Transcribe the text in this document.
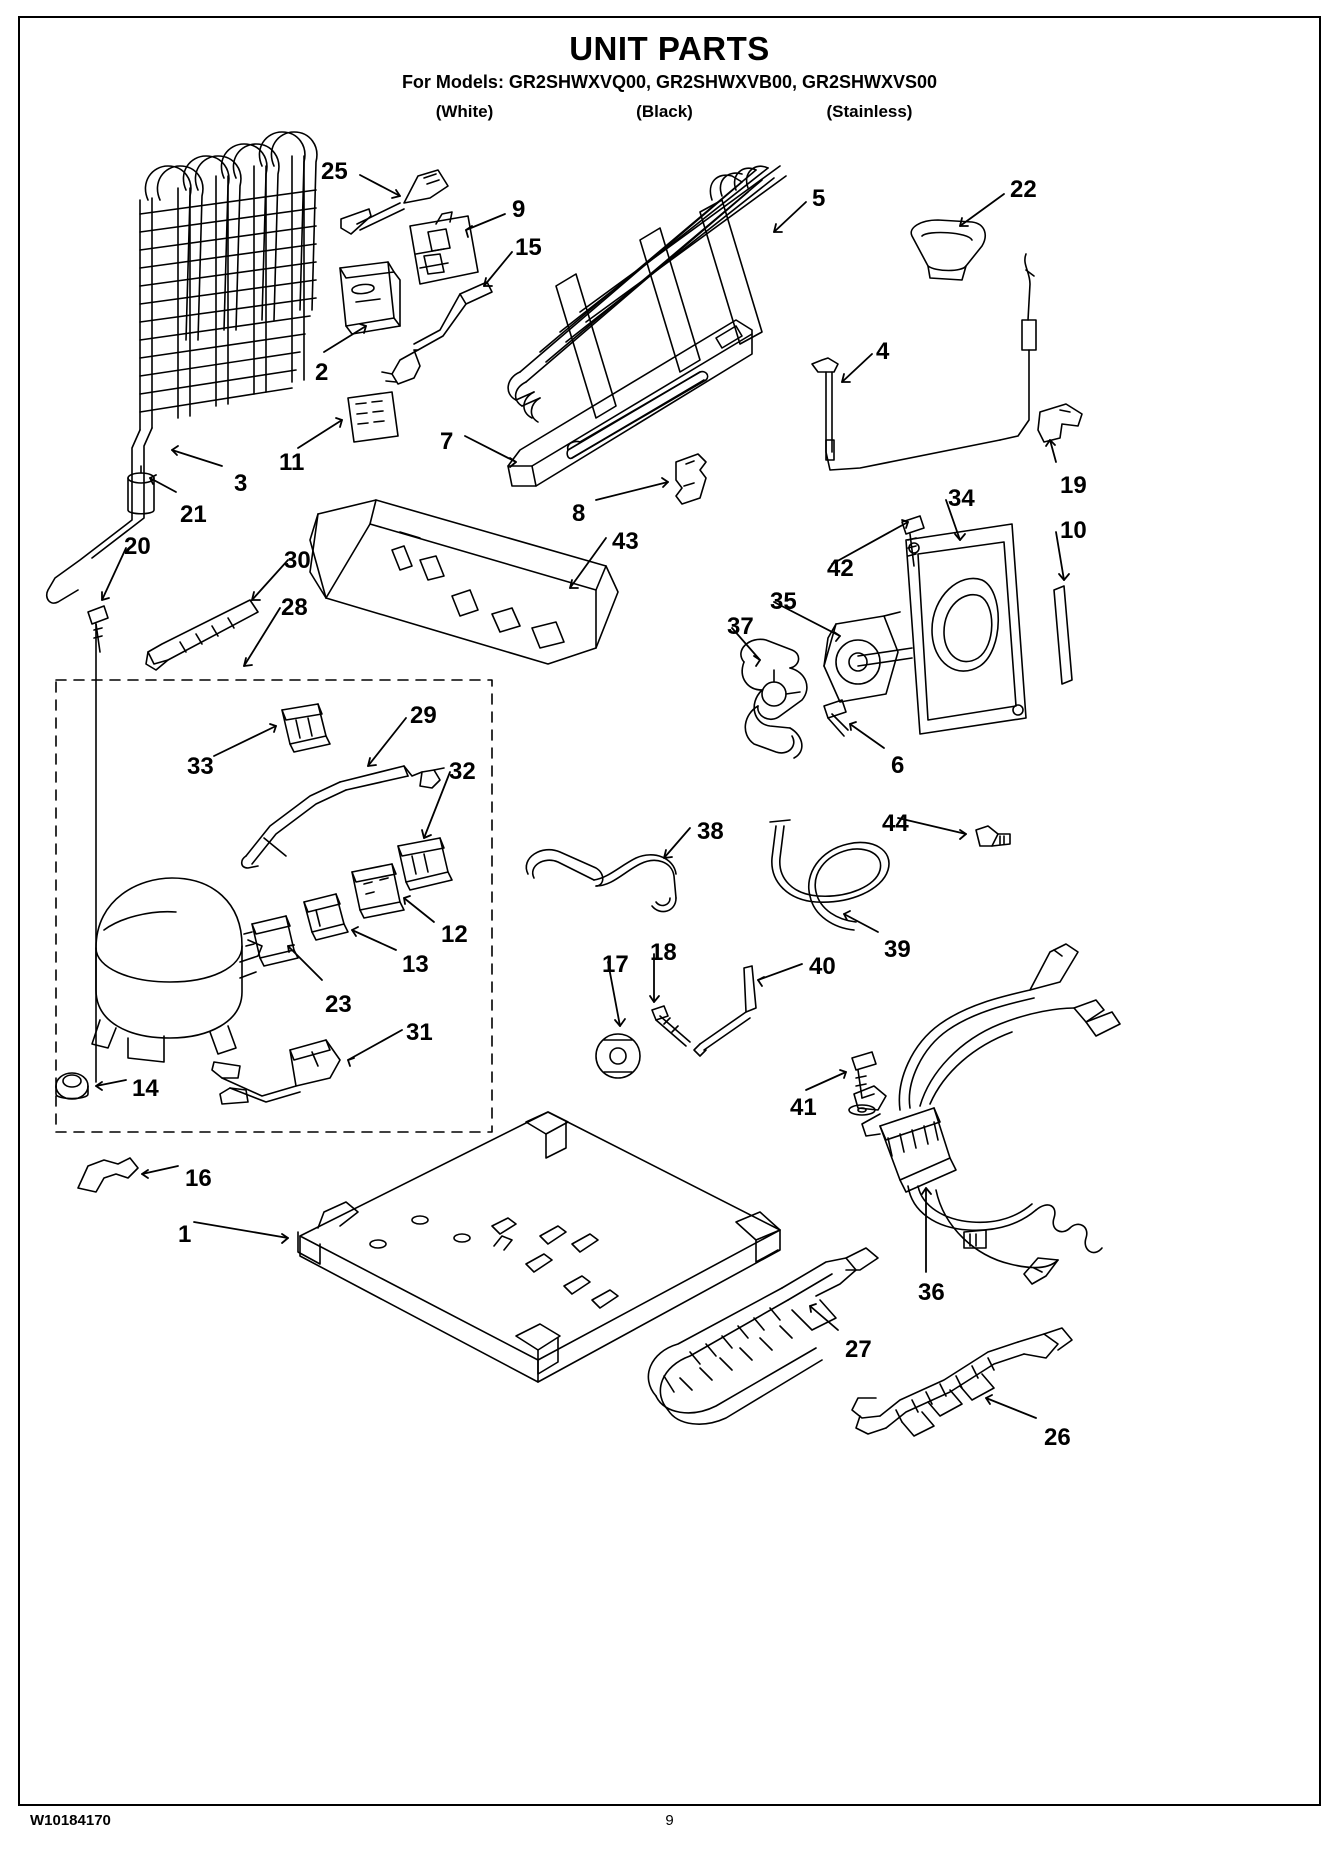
UNIT PARTS
For Models: GR2SHWXVQ00, GR2SHWXVB00, GR2SHWXVS00
(White)	(Black)	(Stainless)
25
9
15
5	22
2
4
11
7
19
3
21	8
43
34
10
20
30	42
28	35
37
33
29
32	6
38	44
12
13
39
23
17 18
40
31
14
41
16
1
36
27
26
W10184170	9
